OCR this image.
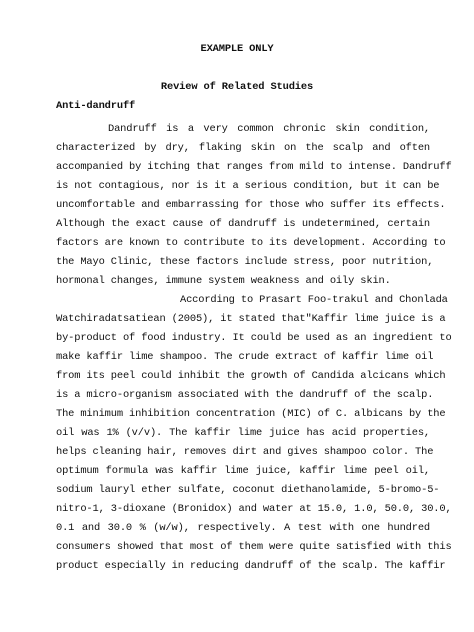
EXAMPLE ONLY
Review of Related Studies
Anti-dandruff
Dandruff is a very common chronic skin condition,
characterized by dry, flaking skin on the scalp and often
accompanied by itching that ranges from mild to intense. Dandruff
is not contagious, nor is it a serious condition, but it can be
uncomfortable and embarrassing for those who suffer its effects.
Although the exact cause of dandruff is undetermined, certain
factors are known to contribute to its development. According to
the Mayo Clinic, these factors include stress, poor nutrition,
hormonal changes, immune system weakness and oily skin.
According to Prasart Foo-trakul and Chonlada
Watchiradatsatiean (2005), it stated that"Kaffir lime juice is a
by-product of food industry. It could be used as an ingredient to
make kaffir lime shampoo. The crude extract of kaffir lime oil
from its peel could inhibit the growth of Candida alcicans which
is a micro-organism associated with the dandruff of the scalp.
The minimum inhibition concentration (MIC) of C. albicans by the
oil was 1% (v/v). The kaffir lime juice has acid properties,
helps cleaning hair, removes dirt and gives shampoo color. The
optimum formula was kaffir lime juice, kaffir lime peel oil,
sodium lauryl ether sulfate, coconut diethanolamide, 5-bromo-5-
nitro-1, 3-dioxane (Bronidox) and water at 15.0, 1.0, 50.0, 30.0,
0.1 and 30.0 % (w/w), respectively. A test with one hundred
consumers showed that most of them were quite satisfied with this
product especially in reducing dandruff of the scalp. The kaffir
